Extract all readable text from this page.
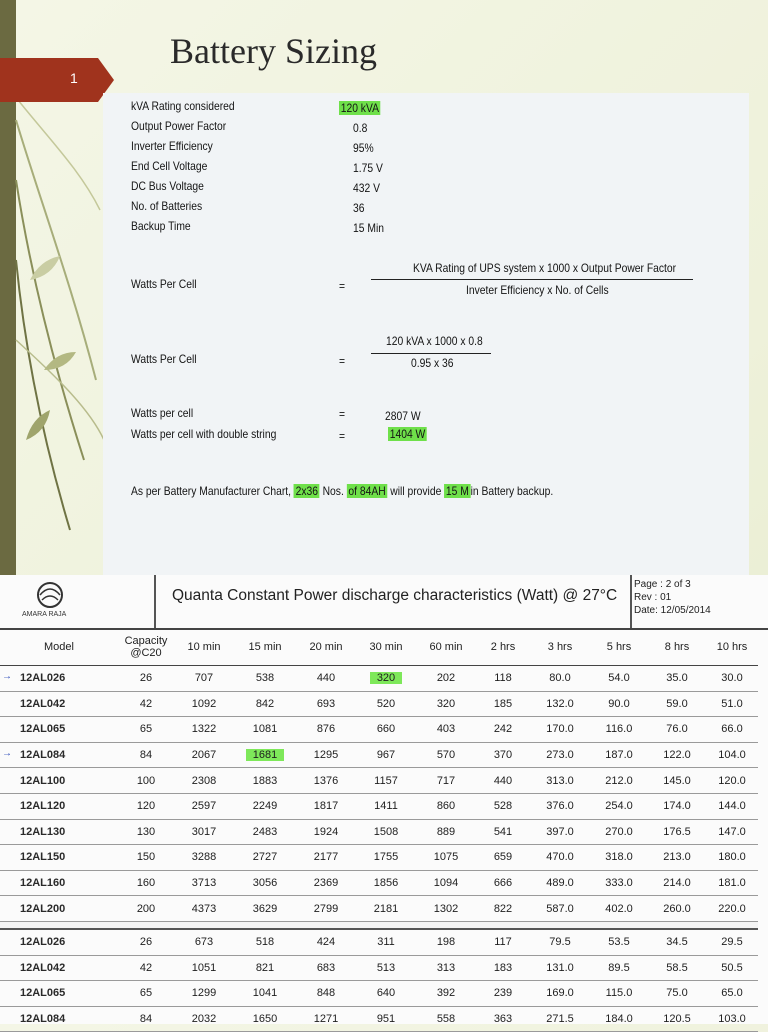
1
Battery Sizing
kVA Rating considered	120 kVA
Output Power Factor	0.8
Inverter Efficiency	95%
End Cell Voltage	1.75 V
DC Bus Voltage	432 V
No. of Batteries	36
Backup Time	15 Min
Watts Per Cell	=
KVA Rating of UPS system x 1000 x Output Power Factor
Inveter Efficiency x No. of Cells
Watts Per Cell	=
120 kVA x 1000 x 0.8
0.95 x 36
Watts per cell	=	2807 W
Watts per cell with double string	=	1404 W
As per Battery Manufacturer Chart, 2x36 Nos. of 84AH will provide 15 M in Battery backup.
AMARA RAJA
Quanta Constant Power discharge characteristics (Watt) @ 27°C
Page : 2 of 3
Rev : 01
Date: 12/05/2014
Model	Capacity @C20	10 min	15 min	20 min	30 min	60 min	2 hrs	3 hrs	5 hrs	8 hrs	10 hrs
12AL026	26	707	538	440	320	202	118	80.0	54.0	35.0	30.0
12AL042	42	1092	842	693	520	320	185	132.0	90.0	59.0	51.0
12AL065	65	1322	1081	876	660	403	242	170.0	116.0	76.0	66.0
12AL084	84	2067	1681	1295	967	570	370	273.0	187.0	122.0	104.0
12AL100	100	2308	1883	1376	1157	717	440	313.0	212.0	145.0	120.0
12AL120	120	2597	2249	1817	1411	860	528	376.0	254.0	174.0	144.0
12AL130	130	3017	2483	1924	1508	889	541	397.0	270.0	176.5	147.0
12AL150	150	3288	2727	2177	1755	1075	659	470.0	318.0	213.0	180.0
12AL160	160	3713	3056	2369	1856	1094	666	489.0	333.0	214.0	181.0
12AL200	200	4373	3629	2799	2181	1302	822	587.0	402.0	260.0	220.0

12AL026	26	673	518	424	311	198	117	79.5	53.5	34.5	29.5
12AL042	42	1051	821	683	513	313	183	131.0	89.5	58.5	50.5
12AL065	65	1299	1041	848	640	392	239	169.0	115.0	75.0	65.0
12AL084	84	2032	1650	1271	951	558	363	271.5	184.0	120.5	103.0
→
→
